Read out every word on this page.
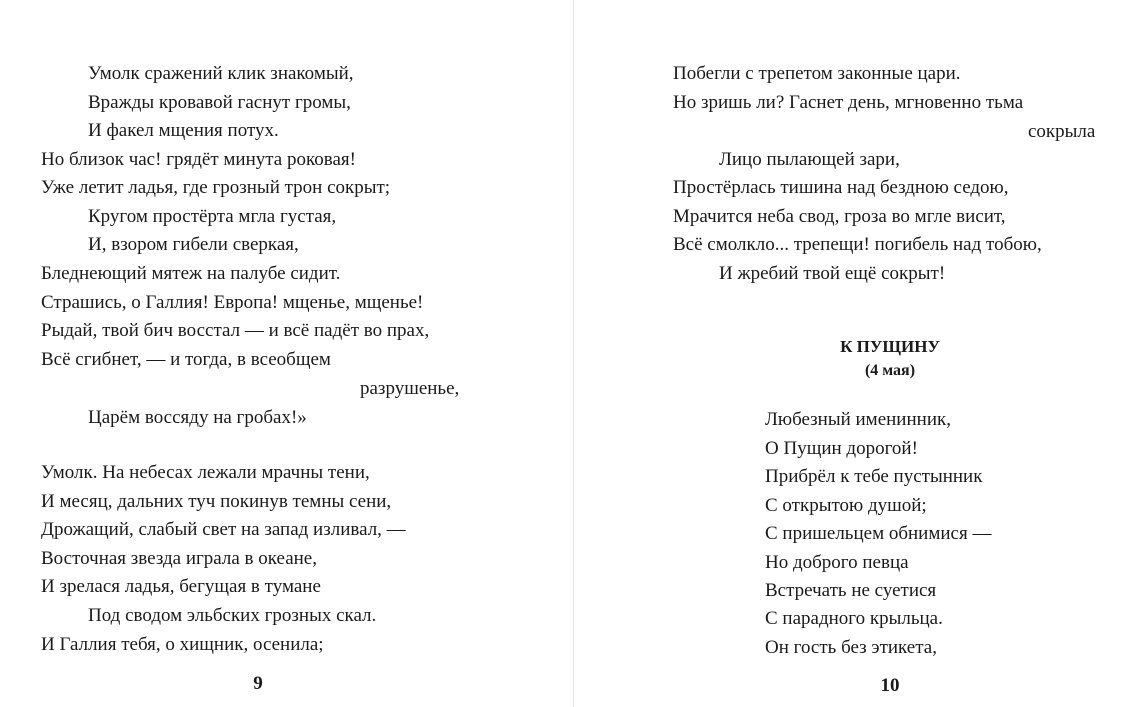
Умолк сражений клик знакомый,
Вражды кровавой гаснут громы,
И факел мщения потух.
Но близок час! грядёт минута роковая!
Уже летит ладья, где грозный трон сокрыт;
Кругом простёрта мгла густая,
И, взором гибели сверкая,
Бледнеющий мятеж на палубе сидит.
Страшись, о Галлия! Европа! мщенье, мщенье!
Рыдай, твой бич восстал — и всё падёт во прах,
Всё сгибнет, — и тогда, в всеобщем
разрушенье,
Царём воссяду на гробах!»
Умолк. На небесах лежали мрачны тени,
И месяц, дальних туч покинув темны сени,
Дрожащий, слабый свет на запад изливал, —
Восточная звезда играла в океане,
И зрелася ладья, бегущая в тумане
Под сводом эльбских грозных скал.
И Галлия тебя, о хищник, осенила;
9
Побегли с трепетом законные цари.
Но зришь ли? Гаснет день, мгновенно тьма
сокрыла
Лицо пылающей зари,
Простёрлась тишина над бездною седою,
Мрачится неба свод, гроза во мгле висит,
Всё смолкло... трепещи! погибель над тобою,
И жребий твой ещё сокрыт!
К ПУЩИНУ
(4 мая)
Любезный именинник,
О Пущин дорогой!
Прибрёл к тебе пустынник
С открытою душой;
С пришельцем обнимися —
Но доброго певца
Встречать не суетися
С парадного крыльца.
Он гость без этикета,
10
